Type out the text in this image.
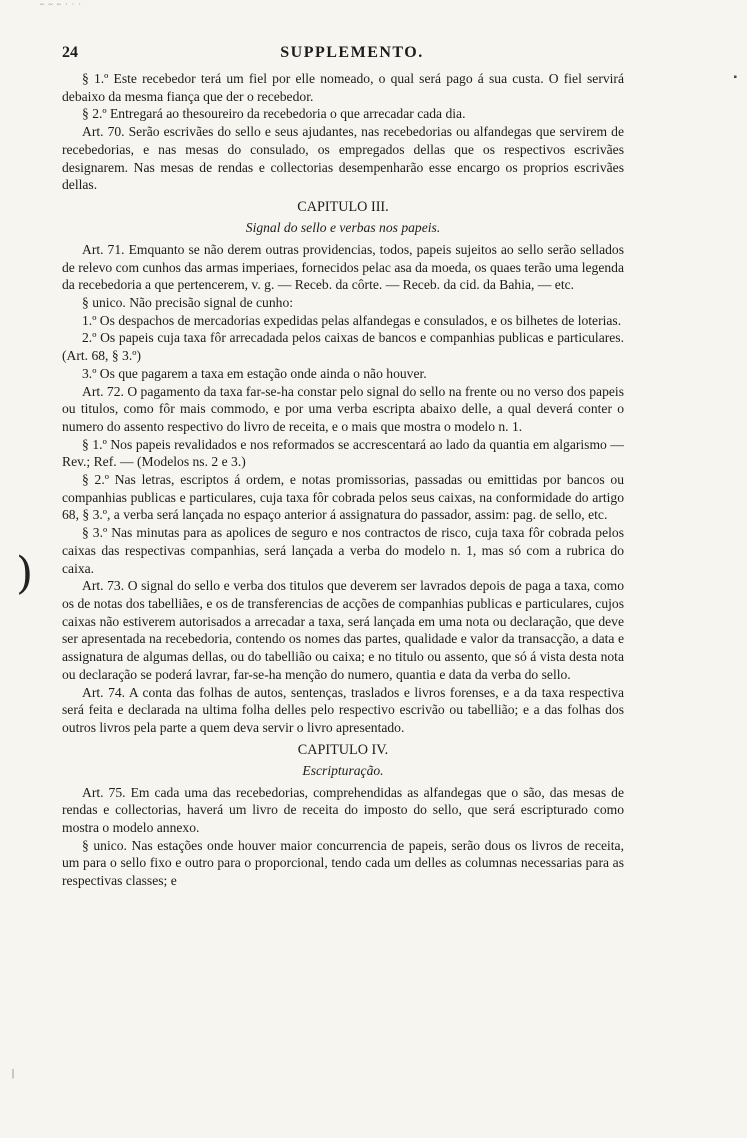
~ ~ ~ · · ·
▪
)
|
24	SUPPLEMENTO.

§ 1.º Este recebedor terá um fiel por elle nomeado, o qual será pago á sua custa. O fiel servirá debaixo da mesma fiança que der o recebedor.

§ 2.º Entregará ao thesoureiro da recebedoria o que arrecadar cada dia.

Art. 70. Serão escrivães do sello e seus ajudantes, nas recebedorias ou alfandegas que servirem de recebedorias, e nas mesas do consulado, os empregados dellas que os respectivos escrivães designarem. Nas mesas de rendas e collectorias desempenharão esse encargo os proprios escrivães dellas.

CAPITULO III.
Signal do sello e verbas nos papeis.

Art. 71. Emquanto se não derem outras providencias, todos, papeis sujeitos ao sello serão sellados de relevo com cunhos das armas imperiaes, fornecidos pelac asa da moeda, os quaes terão uma legenda da recebedoria a que pertencerem, v. g. — Receb. da côrte. — Receb. da cid. da Bahia, — etc.

§ unico. Não precisão signal de cunho:

1.º Os despachos de mercadorias expedidas pelas alfandegas e consulados, e os bilhetes de loterias.

2.º Os papeis cuja taxa fôr arrecadada pelos caixas de bancos e companhias publicas e particulares. (Art. 68, § 3.º)

3.º Os que pagarem a taxa em estação onde ainda o não houver.

Art. 72. O pagamento da taxa far-se-ha constar pelo signal do sello na frente ou no verso dos papeis ou titulos, como fôr mais commodo, e por uma verba escripta abaixo delle, a qual deverá conter o numero do assento respectivo do livro de receita, e o mais que mostra o modelo n. 1.

§ 1.º Nos papeis revalidados e nos reformados se accrescentará ao lado da quantia em algarismo — Rev.; Ref. — (Modelos ns. 2 e 3.)

§ 2.º Nas letras, escriptos á ordem, e notas promissorias, passadas ou emittidas por bancos ou companhias publicas e particulares, cuja taxa fôr cobrada pelos seus caixas, na conformidade do artigo 68, § 3.º, a verba será lançada no espaço anterior á assignatura do passador, assim: pag. de sello, etc.

§ 3.º Nas minutas para as apolices de seguro e nos contractos de risco, cuja taxa fôr cobrada pelos caixas das respectivas companhias, será lançada a verba do modelo n. 1, mas só com a rubrica do caixa.

Art. 73. O signal do sello e verba dos titulos que deverem ser lavrados depois de paga a taxa, como os de notas dos tabelliães, e os de transferencias de acções de companhias publicas e particulares, cujos caixas não estiverem autorisados a arrecadar a taxa, será lançada em uma nota ou declaração, que deve ser apresentada na recebedoria, contendo os nomes das partes, qualidade e valor da transacção, a data e assignatura de algumas dellas, ou do tabellião ou caixa; e no titulo ou assento, que só á vista desta nota ou declaração se poderá lavrar, far-se-ha menção do numero, quantia e data da verba do sello.

Art. 74. A conta das folhas de autos, sentenças, traslados e livros forenses, e a da taxa respectiva será feita e declarada na ultima folha delles pelo respectivo escrivão ou tabellião; e a das folhas dos outros livros pela parte a quem deva servir o livro apresentado.

CAPITULO IV.
Escripturação.

Art. 75. Em cada uma das recebedorias, comprehendidas as alfandegas que o são, das mesas de rendas e collectorias, haverá um livro de receita do imposto do sello, que será escripturado como mostra o modelo annexo.

§ unico. Nas estações onde houver maior concurrencia de papeis, serão dous os livros de receita, um para o sello fixo e outro para o proporcional, tendo cada um delles as columnas necessarias para as respectivas classes; e
